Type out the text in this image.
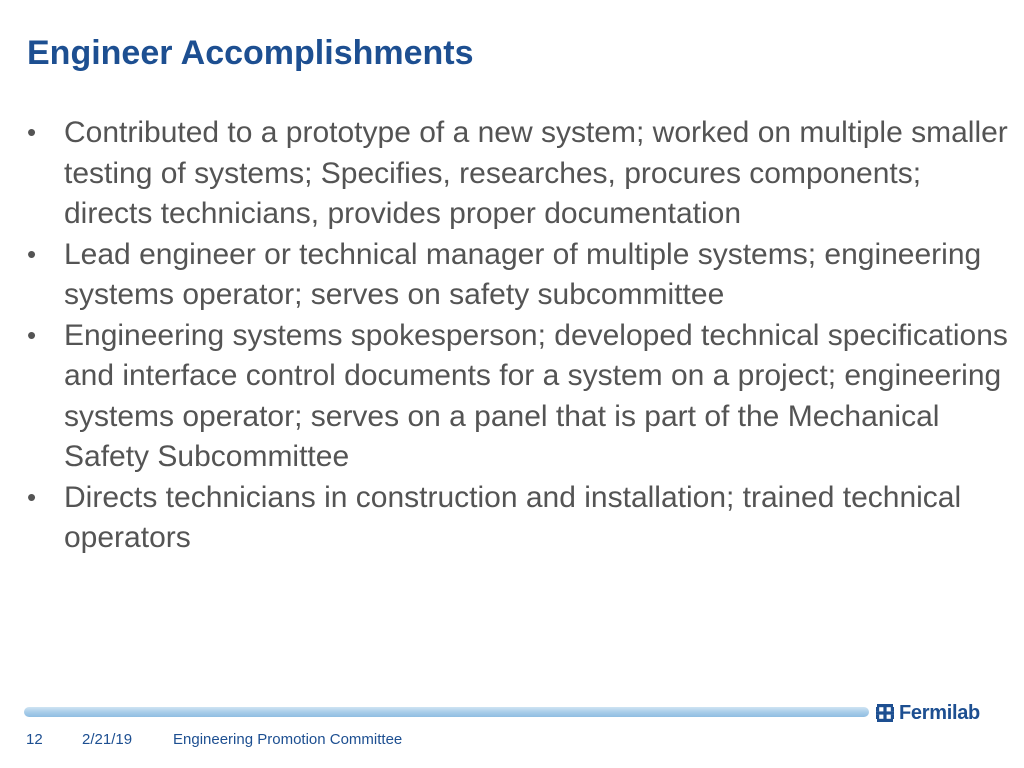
Engineer Accomplishments
• Contributed to a prototype of a new system; worked on multiple smaller testing of systems; Specifies, researches, procures components; directs technicians, provides proper documentation
• Lead engineer or technical manager of multiple systems; engineering systems operator; serves on safety subcommittee
• Engineering systems spokesperson; developed technical specifications and interface control documents for a system on a project; engineering systems operator; serves on a panel that is part of the Mechanical Safety Subcommittee
• Directs technicians in construction and installation; trained technical operators
Fermilab
12	2/21/19	Engineering Promotion Committee
